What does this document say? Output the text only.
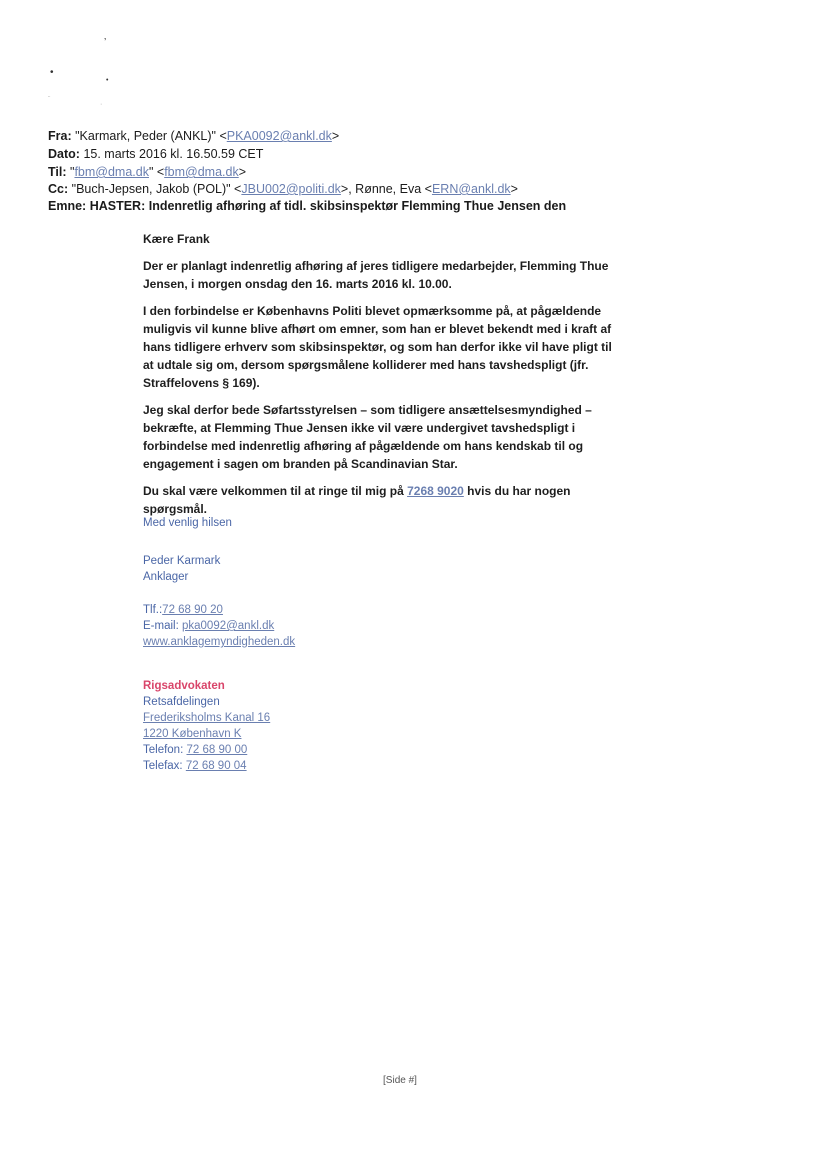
’
•
•
¨
·
Fra: "Karmark, Peder (ANKL)" <PKA0092@ankl.dk>
Dato: 15. marts 2016 kl. 16.50.59 CET
Til: "fbm@dma.dk" <fbm@dma.dk>
Cc: "Buch-Jepsen, Jakob (POL)" <JBU002@politi.dk>, Rønne, Eva <ERN@ankl.dk>
Emne: HASTER: Indenretlig afhøring af tidl. skibsinspektør Flemming Thue Jensen den

Kære Frank

Der er planlagt indenretlig afhøring af jeres tidligere medarbejder, Flemming Thue Jensen, i morgen onsdag den 16. marts 2016 kl. 10.00.

I den forbindelse er Københavns Politi blevet opmærksomme på, at pågældende muligvis vil kunne blive afhørt om emner, som han er blevet bekendt med i kraft af hans tidligere erhverv som skibsinspektør, og som han derfor ikke vil have pligt til at udtale sig om, dersom spørgsmålene kolliderer med hans tavshedspligt (jfr. Straffelovens § 169).

Jeg skal derfor bede Søfartsstyrelsen – som tidligere ansættelsesmyndighed – bekræfte, at Flemming Thue Jensen ikke vil være undergivet tavshedspligt i forbindelse med indenretlig afhøring af pågældende om hans kendskab til og engagement i sagen om branden på Scandinavian Star.

Du skal være velkommen til at ringe til mig på 7268 9020 hvis du har nogen spørgsmål.

Med venlig hilsen
Peder Karmark
Anklager
Tlf.:72 68 90 20
E-mail: pka0092@ankl.dk
www.anklagemyndigheden.dk
Rigsadvokaten
Retsafdelingen
Frederiksholms Kanal 16
1220 København K
Telefon: 72 68 90 00
Telefax: 72 68 90 04
[Side #]
